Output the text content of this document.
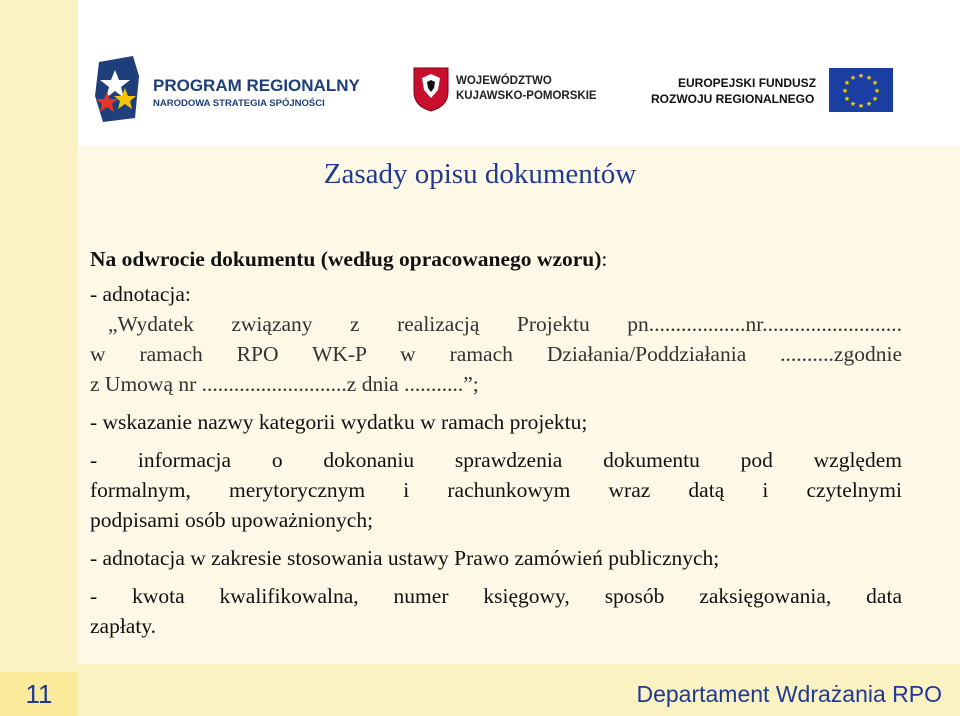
PROGRAM REGIONALNY
NARODOWA STRATEGIA SPÓJNOŚCI
WOJEWÓDZTWO
KUJAWSKO-POMORSKIE
EUROPEJSKI FUNDUSZ
ROZWOJU REGIONALNEGO
★ ★
★
★
★
★
★
★
★
★
★
★
Zasady opisu dokumentów

Na odwrocie dokumentu (według opracowanego wzoru):

- adnotacja:

„Wydatek związany z realizacją Projektu pn..................nr..........................

w ramach RPO WK-P w ramach Działania/Poddziałania ..........zgodnie

z Umową nr ...........................z dnia ...........”;

- wskazanie nazwy kategorii wydatku w ramach projektu;

- informacja o dokonaniu sprawdzenia dokumentu pod względem

formalnym, merytorycznym i rachunkowym wraz datą i czytelnymi

podpisami osób upoważnionych;

- adnotacja w zakresie stosowania ustawy Prawo zamówień publicznych;

- kwota kwalifikowalna, numer księgowy, sposób zaksięgowania, data

zapłaty.

11	Departament Wdrażania RPO
